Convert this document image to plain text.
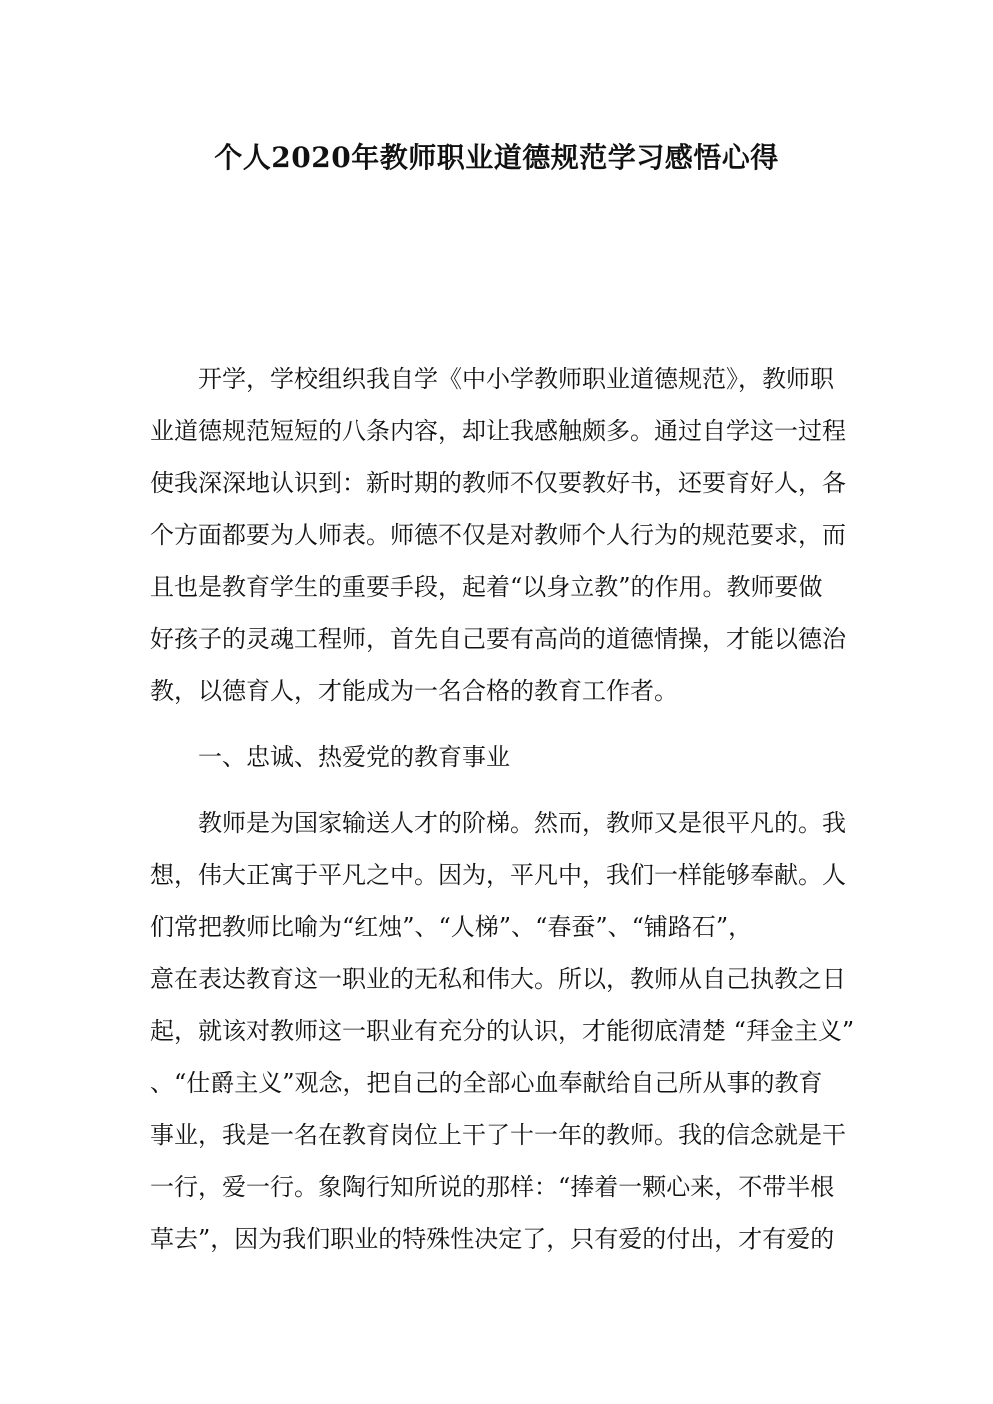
个人2020年教师职业道德规范学习感悟心得
开学，学校组织我自学《中小学教师职业道德规范》，教师职
业道德规范短短的八条内容，却让我感触颇多。通过自学这一过程
使我深深地认识到：新时期的教师不仅要教好书，还要育好人，各
个方面都要为人师表。师德不仅是对教师个人行为的规范要求，而
且也是教育学生的重要手段，起着“以身立教”的作用。教师要做
好孩子的灵魂工程师，首先自己要有高尚的道德情操，才能以德治
教，以德育人，才能成为一名合格的教育工作者。
一、忠诚、热爱党的教育事业
教师是为国家输送人才的阶梯。然而，教师又是很平凡的。我
想，伟大正寓于平凡之中。因为，平凡中，我们一样能够奉献。人
们常把教师比喻为“红烛”、“人梯”、“春蚕”、“铺路石”，
意在表达教育这一职业的无私和伟大。所以，教师从自己执教之日
起，就该对教师这一职业有充分的认识，才能彻底清楚 “拜金主义”
、“仕爵主义”观念，把自己的全部心血奉献给自己所从事的教育
事业，我是一名在教育岗位上干了十一年的教师。我的信念就是干
一行，爱一行。象陶行知所说的那样：“捧着一颗心来，不带半根
草去”，因为我们职业的特殊性决定了，只有爱的付出，才有爱的
